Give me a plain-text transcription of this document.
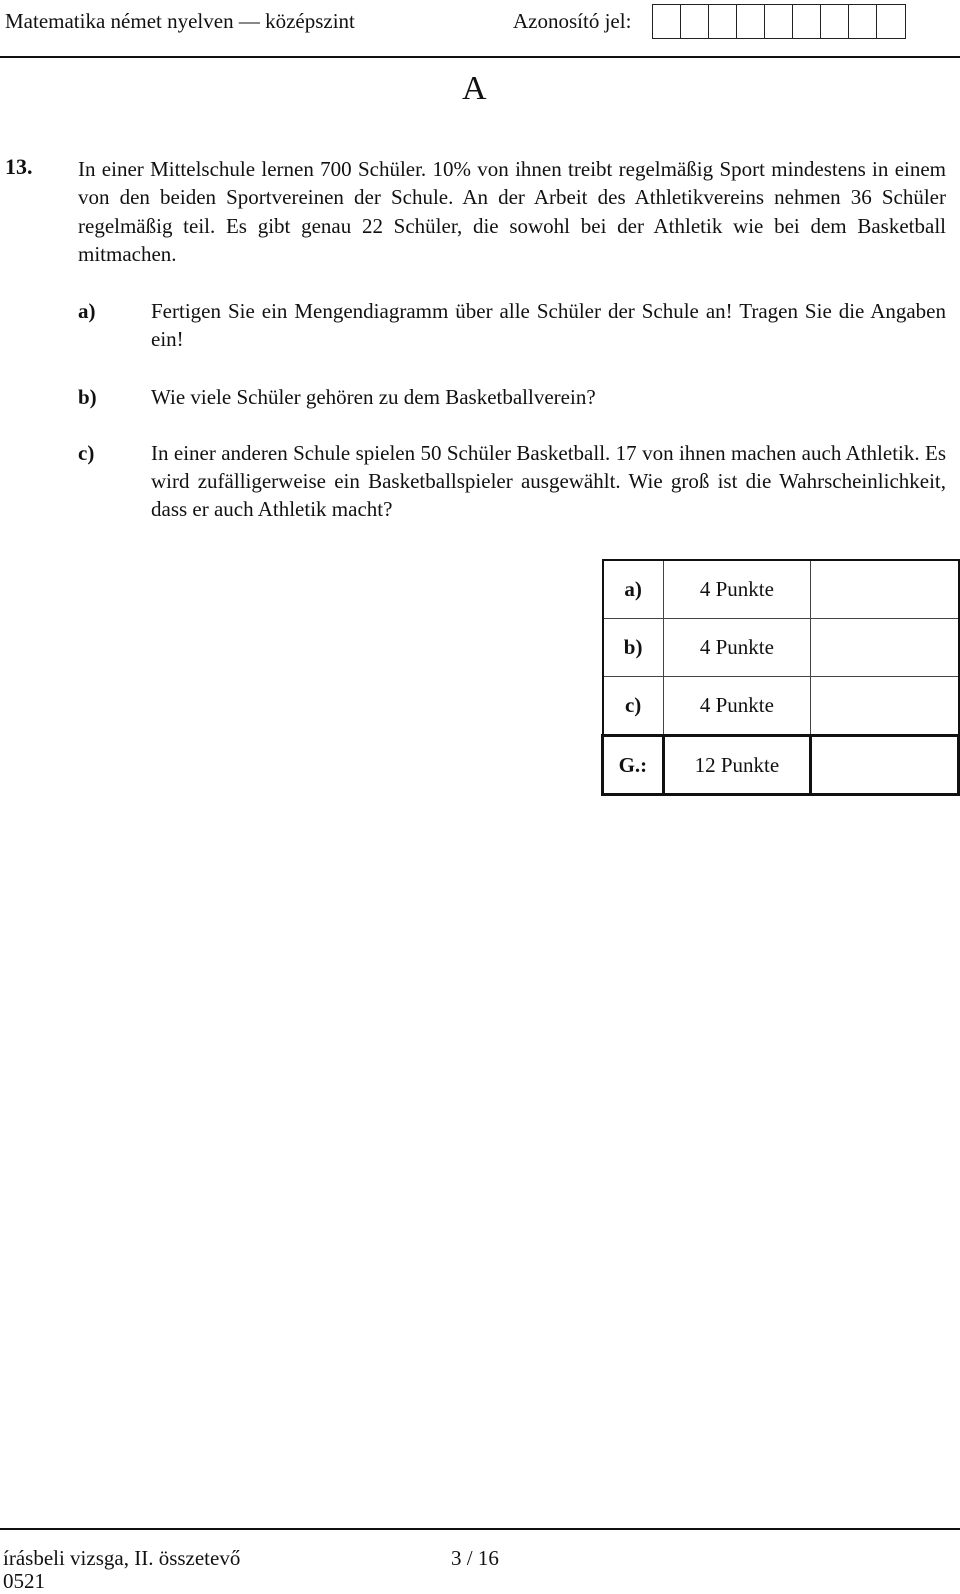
Matematika német nyelven — középszint	Azonosító jel:
A
13. In einer Mittelschule lernen 700 Schüler. 10% von ihnen treibt regelmäßig Sport mindestens in einem von den beiden Sportvereinen der Schule. An der Arbeit des Athletikvereins nehmen 36 Schüler regelmäßig teil. Es gibt genau 22 Schüler, die sowohl bei der Athletik wie bei dem Basketball mitmachen.

a)	Fertigen Sie ein Mengendiagramm über alle Schüler der Schule an! Tragen Sie die Angaben ein!

b)	Wie viele Schüler gehören zu dem Basketballverein?

c)	In einer anderen Schule spielen 50 Schüler Basketball. 17 von ihnen machen auch Athletik. Es wird zufälligerweise ein Basketballspieler ausgewählt. Wie groß ist die Wahrscheinlichkeit, dass er auch Athletik macht?

a)	4 Punkte	
b)	4 Punkte	
c)	4 Punkte	
G.:	12 Punkte	
írásbeli vizsga, II. összetevő	3 / 16
0521
